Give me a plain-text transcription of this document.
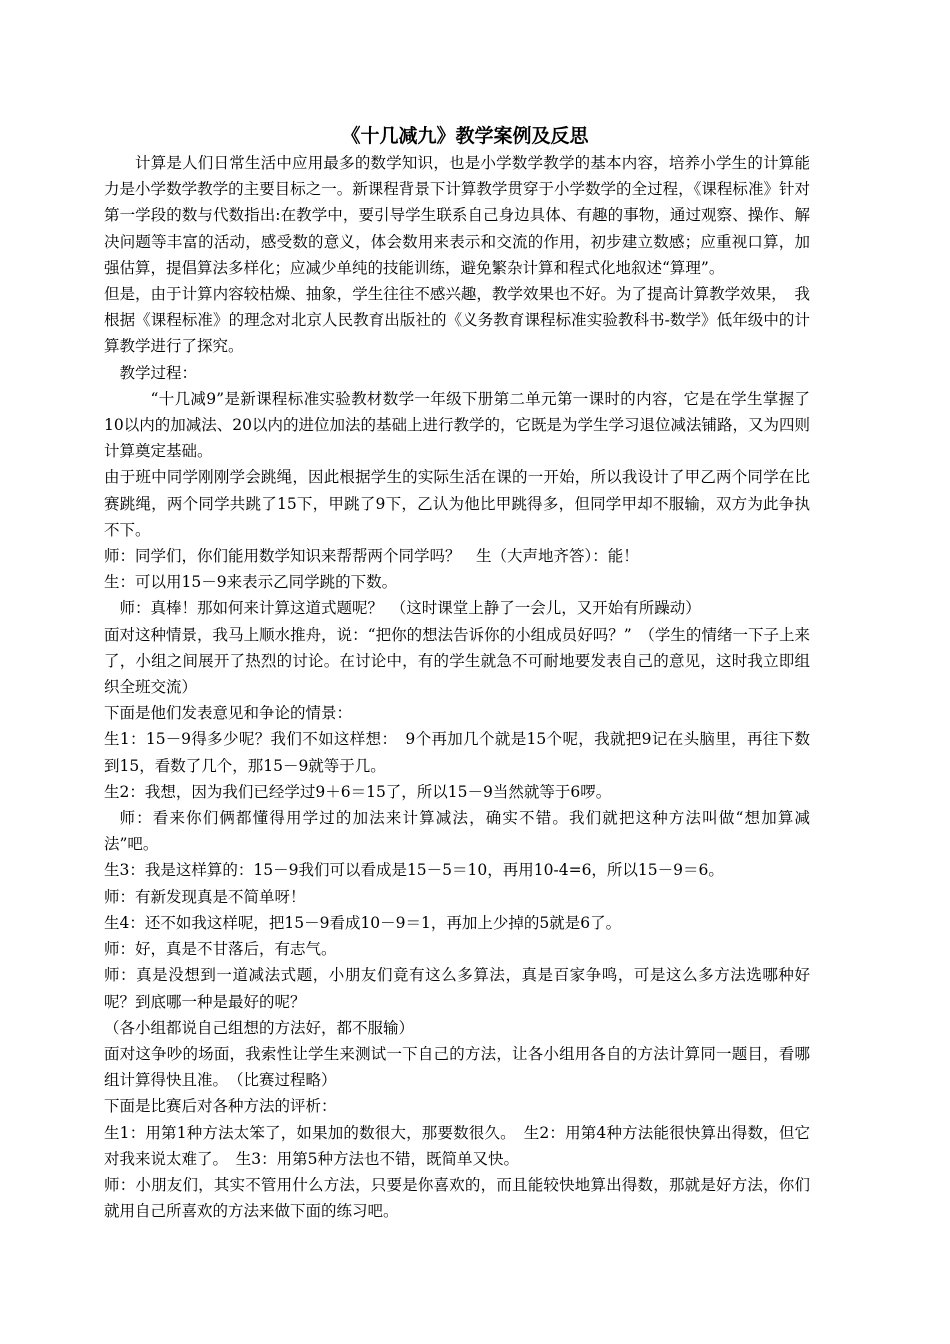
《十几减九》教学案例及反思

计算是人们日常生活中应用最多的数学知识，也是小学数学教学的基本内容，培养小学生的计算能力是小学数学教学的主要目标之一。新课程背景下计算教学贯穿于小学数学的全过程，《课程标准》针对第一学段的数与代数指出:在教学中，要引导学生联系自己身边具体、有趣的事物，通过观察、操作、解决问题等丰富的活动，感受数的意义，体会数用来表示和交流的作用，初步建立数感；应重视口算，加强估算，提倡算法多样化；应减少单纯的技能训练，避免繁杂计算和程式化地叙述“算理”。

但是，由于计算内容较枯燥、抽象，学生往往不感兴趣，教学效果也不好。为了提高计算教学效果，　我根据《课程标准》的理念对北京人民教育出版社的《义务教育课程标准实验教科书-数学》低年级中的计算教学进行了探究。

教学过程：

“十几减9”是新课程标准实验教材数学一年级下册第二单元第一课时的内容，它是在学生掌握了10以内的加减法、20以内的进位加法的基础上进行教学的，它既是为学生学习退位减法铺路，又为四则计算奠定基础。

由于班中同学刚刚学会跳绳，因此根据学生的实际生活在课的一开始，所以我设计了甲乙两个同学在比赛跳绳，两个同学共跳了15下，甲跳了9下，乙认为他比甲跳得多，但同学甲却不服输，双方为此争执不下。

师：同学们，你们能用数学知识来帮帮两个同学吗？　生（大声地齐答）：能！

生：可以用15－9来表示乙同学跳的下数。

师：真棒！那如何来计算这道式题呢？　（这时课堂上静了一会儿，又开始有所躁动）

面对这种情景，我马上顺水推舟，说：“把你的想法告诉你的小组成员好吗？”　（学生的情绪一下子上来了，小组之间展开了热烈的讨论。在讨论中，有的学生就急不可耐地要发表自己的意见，这时我立即组织全班交流）

下面是他们发表意见和争论的情景：

生1：15－9得多少呢？我们不如这样想：　9个再加几个就是15个呢，我就把9记在头脑里，再往下数到15，看数了几个，那15－9就等于几。

生2：我想，因为我们已经学过9＋6＝15了，所以15－9当然就等于6啰。

师：看来你们俩都懂得用学过的加法来计算减法，确实不错。我们就把这种方法叫做“想加算减法”吧。

生3：我是这样算的：15－9我们可以看成是15－5＝10，再用10-4=6，所以15－9＝6。

师：有新发现真是不简单呀！

生4：还不如我这样呢，把15－9看成10－9＝1，再加上少掉的5就是6了。

师：好，真是不甘落后，有志气。

师：真是没想到一道减法式题，小朋友们竟有这么多算法，真是百家争鸣，可是这么多方法选哪种好呢？到底哪一种是最好的呢？

（各小组都说自己组想的方法好，都不服输）

面对这争吵的场面，我索性让学生来测试一下自己的方法，让各小组用各自的方法计算同一题目，看哪组计算得快且准。　（比赛过程略）

下面是比赛后对各种方法的评析：

生1：用第1种方法太笨了，如果加的数很大，那要数很久。　生2：用第4种方法能很快算出得数，但它对我来说太难了。　生3：用第5种方法也不错，既简单又快。

师：小朋友们，其实不管用什么方法，只要是你喜欢的，而且能较快地算出得数，那就是好方法，你们就用自己所喜欢的方法来做下面的练习吧。
